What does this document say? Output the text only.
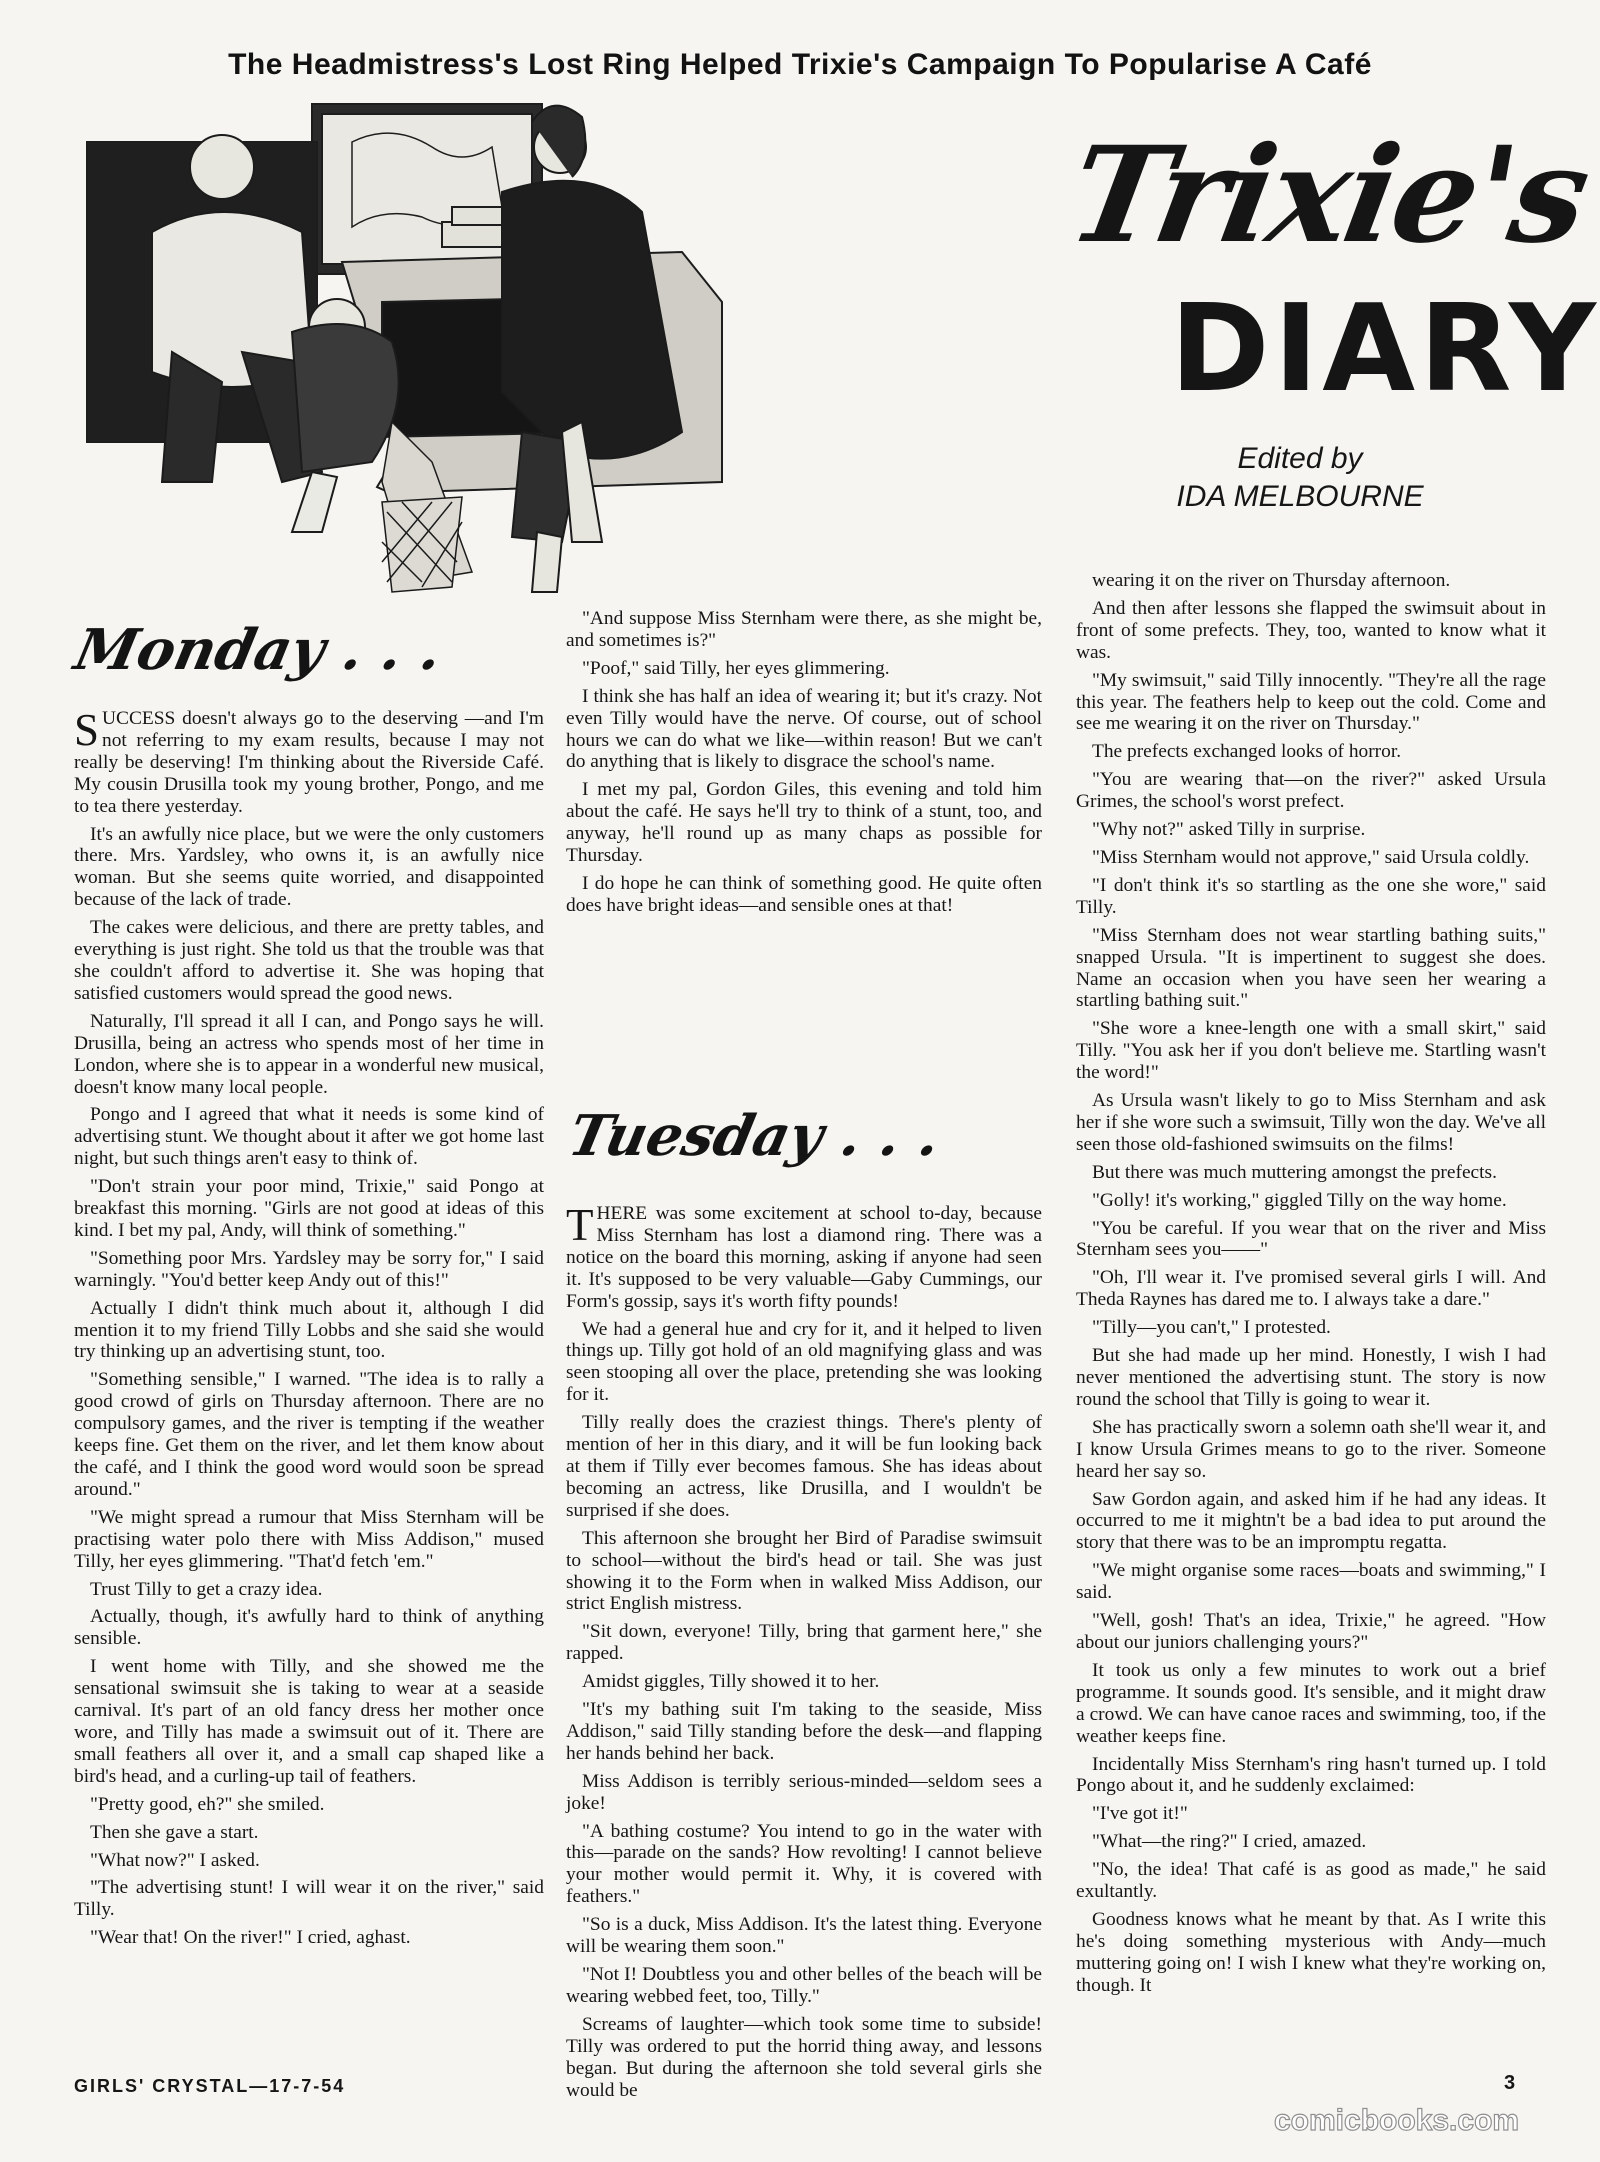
The Headmistress's Lost Ring Helped Trixie's Campaign To Popularise A Café
Trixie's
DIARY
Edited by
IDA MELBOURNE
Monday . . .
Tuesday . . .

SUCCESS doesn't always go to the deserving —and I'm not referring to my exam results, because I may not really be deserving! I'm thinking about the Riverside Café. My cousin Drusilla took my young brother, Pongo, and me to tea there yesterday.

It's an awfully nice place, but we were the only customers there. Mrs. Yardsley, who owns it, is an awfully nice woman. But she seems quite worried, and disappointed because of the lack of trade.

The cakes were delicious, and there are pretty tables, and everything is just right. She told us that the trouble was that she couldn't afford to advertise it. She was hoping that satisfied customers would spread the good news.

Naturally, I'll spread it all I can, and Pongo says he will. Drusilla, being an actress who spends most of her time in London, where she is to appear in a wonderful new musical, doesn't know many local people.

Pongo and I agreed that what it needs is some kind of advertising stunt. We thought about it after we got home last night, but such things aren't easy to think of.

"Don't strain your poor mind, Trixie," said Pongo at breakfast this morning. "Girls are not good at ideas of this kind. I bet my pal, Andy, will think of something."

"Something poor Mrs. Yardsley may be sorry for," I said warningly. "You'd better keep Andy out of this!"

Actually I didn't think much about it, although I did mention it to my friend Tilly Lobbs and she said she would try thinking up an advertising stunt, too.

"Something sensible," I warned. "The idea is to rally a good crowd of girls on Thursday afternoon. There are no compulsory games, and the river is tempting if the weather keeps fine. Get them on the river, and let them know about the café, and I think the good word would soon be spread around."

"We might spread a rumour that Miss Sternham will be practising water polo there with Miss Addison," mused Tilly, her eyes glimmering. "That'd fetch 'em."

Trust Tilly to get a crazy idea.

Actually, though, it's awfully hard to think of anything sensible.

I went home with Tilly, and she showed me the sensational swimsuit she is taking to wear at a seaside carnival. It's part of an old fancy dress her mother once wore, and Tilly has made a swimsuit out of it. There are small feathers all over it, and a small cap shaped like a bird's head, and a curling-up tail of feathers.

"Pretty good, eh?" she smiled.

Then she gave a start.

"What now?" I asked.

"The advertising stunt! I will wear it on the river," said Tilly.

"Wear that! On the river!" I cried, aghast.

"And suppose Miss Sternham were there, as she might be, and sometimes is?"

"Poof," said Tilly, her eyes glimmering.

I think she has half an idea of wearing it; but it's crazy. Not even Tilly would have the nerve. Of course, out of school hours we can do what we like—within reason! But we can't do anything that is likely to disgrace the school's name.

I met my pal, Gordon Giles, this evening and told him about the café. He says he'll try to think of a stunt, too, and anyway, he'll round up as many chaps as possible for Thursday.

I do hope he can think of something good. He quite often does have bright ideas—and sensible ones at that!

THERE was some excitement at school to-day, because Miss Sternham has lost a diamond ring. There was a notice on the board this morning, asking if anyone had seen it. It's supposed to be very valuable—Gaby Cummings, our Form's gossip, says it's worth fifty pounds!

We had a general hue and cry for it, and it helped to liven things up. Tilly got hold of an old magnifying glass and was seen stooping all over the place, pretending she was looking for it.

Tilly really does the craziest things. There's plenty of mention of her in this diary, and it will be fun looking back at them if Tilly ever becomes famous. She has ideas about becoming an actress, like Drusilla, and I wouldn't be surprised if she does.

This afternoon she brought her Bird of Paradise swimsuit to school—without the bird's head or tail. She was just showing it to the Form when in walked Miss Addison, our strict English mistress.

"Sit down, everyone! Tilly, bring that garment here," she rapped.

Amidst giggles, Tilly showed it to her.

"It's my bathing suit I'm taking to the seaside, Miss Addison," said Tilly standing before the desk—and flapping her hands behind her back.

Miss Addison is terribly serious-minded—seldom sees a joke!

"A bathing costume? You intend to go in the water with this—parade on the sands? How revolting! I cannot believe your mother would permit it. Why, it is covered with feathers."

"So is a duck, Miss Addison. It's the latest thing. Everyone will be wearing them soon."

"Not I! Doubtless you and other belles of the beach will be wearing webbed feet, too, Tilly."

Screams of laughter—which took some time to subside! Tilly was ordered to put the horrid thing away, and lessons began. But during the afternoon she told several girls she would be

wearing it on the river on Thursday afternoon.

And then after lessons she flapped the swimsuit about in front of some prefects. They, too, wanted to know what it was.

"My swimsuit," said Tilly innocently. "They're all the rage this year. The feathers help to keep out the cold. Come and see me wearing it on the river on Thursday."

The prefects exchanged looks of horror.

"You are wearing that—on the river?" asked Ursula Grimes, the school's worst prefect.

"Why not?" asked Tilly in surprise.

"Miss Sternham would not approve," said Ursula coldly.

"I don't think it's so startling as the one she wore," said Tilly.

"Miss Sternham does not wear startling bathing suits," snapped Ursula. "It is impertinent to suggest she does. Name an occasion when you have seen her wearing a startling bathing suit."

"She wore a knee-length one with a small skirt," said Tilly. "You ask her if you don't believe me. Startling wasn't the word!"

As Ursula wasn't likely to go to Miss Sternham and ask her if she wore such a swimsuit, Tilly won the day. We've all seen those old-fashioned swimsuits on the films!

But there was much muttering amongst the prefects.

"Golly! it's working," giggled Tilly on the way home.

"You be careful. If you wear that on the river and Miss Sternham sees you——"

"Oh, I'll wear it. I've promised several girls I will. And Theda Raynes has dared me to. I always take a dare."

"Tilly—you can't," I protested.

But she had made up her mind. Honestly, I wish I had never mentioned the advertising stunt. The story is now round the school that Tilly is going to wear it.

She has practically sworn a solemn oath she'll wear it, and I know Ursula Grimes means to go to the river. Someone heard her say so.

Saw Gordon again, and asked him if he had any ideas. It occurred to me it mightn't be a bad idea to put around the story that there was to be an impromptu regatta.

"We might organise some races—boats and swimming," I said.

"Well, gosh! That's an idea, Trixie," he agreed. "How about our juniors challenging yours?"

It took us only a few minutes to work out a brief programme. It sounds good. It's sensible, and it might draw a crowd. We can have canoe races and swimming, too, if the weather keeps fine.

Incidentally Miss Sternham's ring hasn't turned up. I told Pongo about it, and he suddenly exclaimed:

"I've got it!"

"What—the ring?" I cried, amazed.

"No, the idea! That café is as good as made," he said exultantly.

Goodness knows what he meant by that. As I write this he's doing something mysterious with Andy—much muttering going on! I wish I knew what they're working on, though. It

GIRLS' CRYSTAL—17-7-54	3
comicbooks.com
